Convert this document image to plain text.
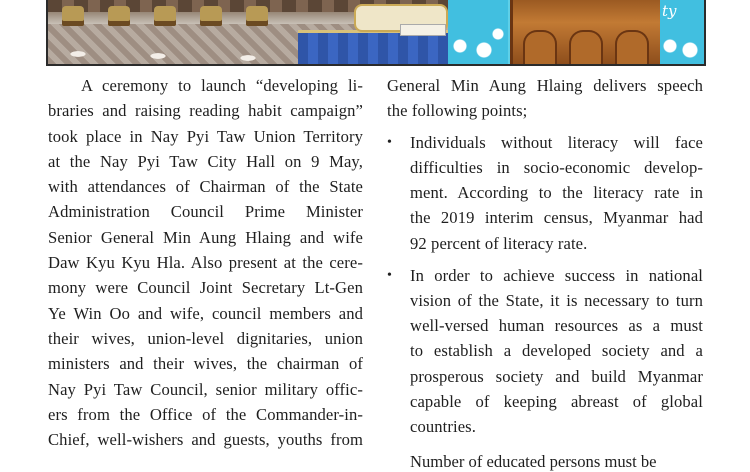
ty
A ceremony to launch “developing li-
braries and raising reading habit campaign”
took place in Nay Pyi Taw Union Territory
at the Nay Pyi Taw City Hall on 9 May,
with attendances of Chairman of the State
Administration Council Prime Minister
Senior General Min Aung Hlaing and wife
Daw Kyu Kyu Hla. Also present at the cere-
mony were Council Joint Secretary Lt-Gen
Ye Win Oo and wife, council members and
their wives, union-level dignitaries, union
ministers and their wives, the chairman of
Nay Pyi Taw Council, senior military offic-
ers from the Office of the Commander-in-
Chief, well-wishers and guests, youths from
General Min Aung Hlaing delivers speech
the following points;
•	Individuals without literacy will face
difficulties in socio-economic develop-
ment. According to the literacy rate in
the 2019 interim census, Myanmar had
92 percent of literacy rate.
•	In order to achieve success in national
vision of the State, it is necessary to turn
well-versed human resources as a must
to establish a developed society and a
prosperous society and build Myanmar
capable of keeping abreast of global
countries.
Number of educated persons must be
